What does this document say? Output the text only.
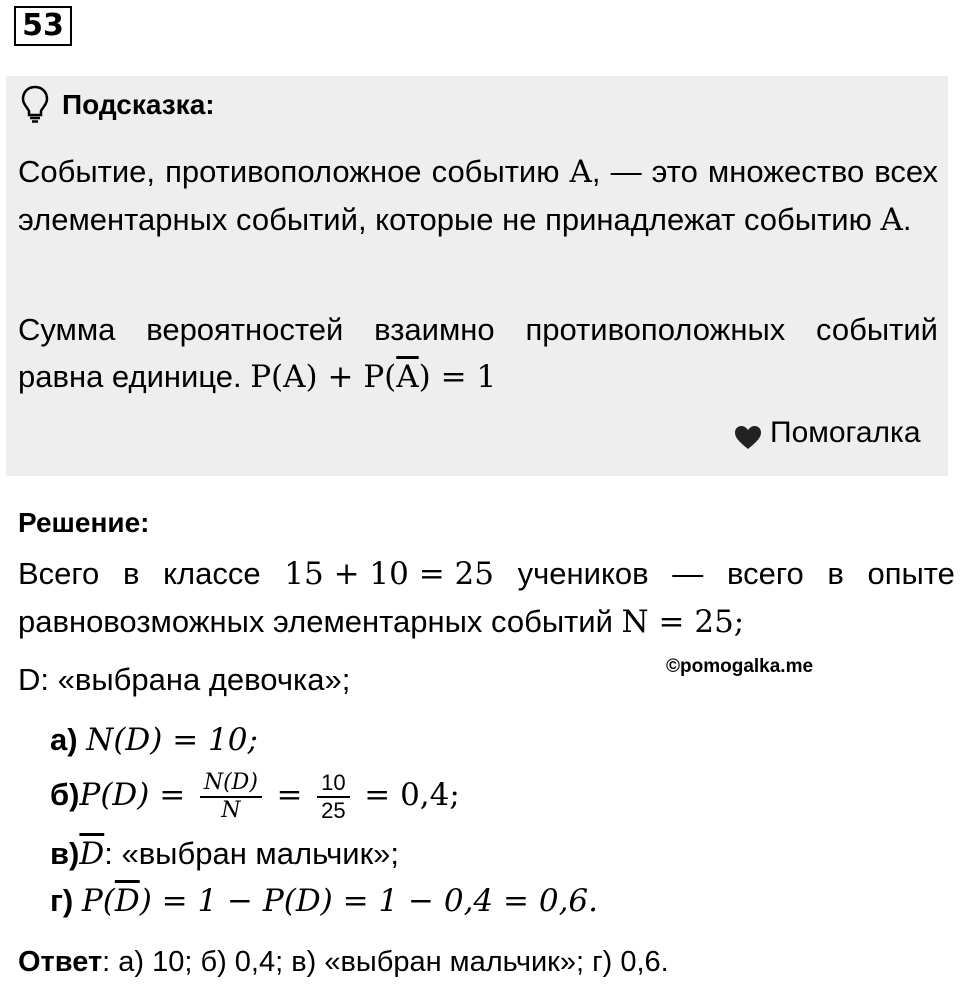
53
Подсказка:
Событие, противоположное событию A, — это множество всех элементарных событий, которые не принадлежат событию A.
Сумма вероятностей взаимно противоположных событий равна единице. $P(A) + P(\overline{A}) = 1$
Помогалка
Решение:
Всего в классе 15 + 10 = 25 учеников — всего в опыте
равновозможных элементарных событий N = 25;
©pomogalka.me
D: «выбрана девочка»;
а) N(D) = 10;
$б)P(D) = \frac{N(D)}{N} = \frac{10}{25} = 0,4$;
$в)\overline{D}$: «выбран мальчик»;
г) $P(\overline{D}) = 1 - P(D) = 1 - 0,4 = 0,6$.
Ответ: а) 10; б) 0,4; в) «выбран мальчик»; г) 0,6.
